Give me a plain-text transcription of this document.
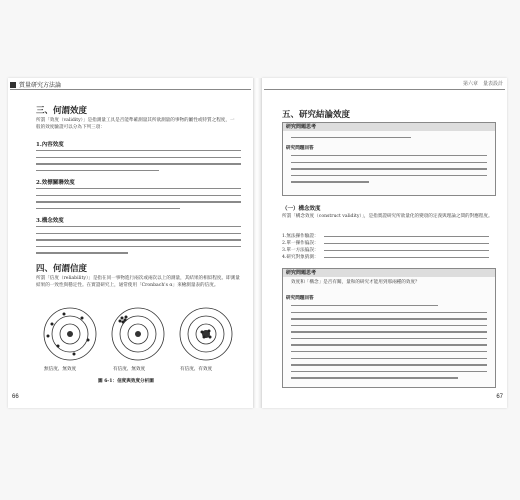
質量研究方法論
三、何謂效度
所謂「效度（validity）」是指測量工具是否能準確測量其所欲測量的事物的屬性或特質之程度，一般的效度驗證可以分為下列三項：
1.內容效度
2.效標關聯效度
3.構念效度
四、何謂信度
所謂「信度（reliability）」是指在同一事物進行兩次或兩次以上的測量，其結果的相似程度。即測量結果的一致性與穩定性。在實證研究上，通常使用「Cronbach's α」來檢測量表的信度。
無信度、無效度	有信度、無效度	有信度、有效度
圖 6-1：信度與效度分析圖
66
第六章　量表設計
五、研究結論效度
研究問題思考
研究問題回答
（一）構念效度
所謂「構念效度（construct validity）」，是指實證研究所欲量化的變項的定義與理論之間的對應程度。
1.無法操作驗證：
2.單一操作偏誤：
3.單一方法偏誤：
4.研究對象猜測：
研究問題思考
效度和「構念」是否有關，量和的研究才能用到那兩種的效度？
研究問題回答
67
